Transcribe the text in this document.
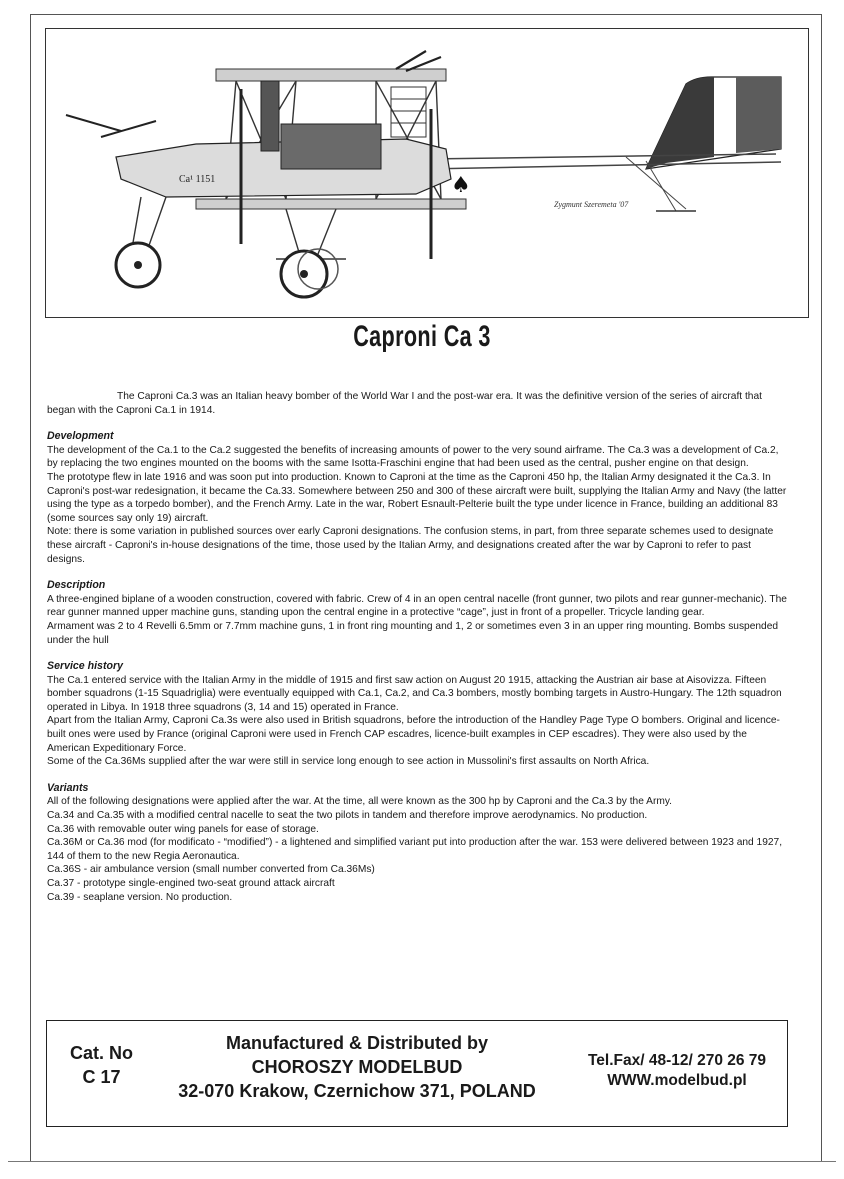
♠
Ca¹ 1151
Zygmunt Szeremeta '07
Caproni Ca 3

The Caproni Ca.3 was an Italian heavy bomber of the World War I and the post-war era. It was the definitive version of the series of aircraft that began with the Caproni Ca.1 in 1914.

Development

The development of the Ca.1 to the Ca.2 suggested the benefits of increasing amounts of power to the very sound airframe. The Ca.3 was a development of Ca.2, by replacing the two engines mounted on the booms with the same Isotta-Fraschini engine that had been used as the central, pusher engine on that design.

The prototype flew in late 1916 and was soon put into production. Known to Caproni at the time as the Caproni 450 hp, the Italian Army designated it the Ca.3. In Caproni's post-war redesignation, it became the Ca.33. Somewhere between 250 and 300 of these aircraft were built, supplying the Italian Army and Navy (the latter using the type as a torpedo bomber), and the French Army. Late in the war, Robert Esnault-Pelterie built the type under licence in France, building an additional 83 (some sources say only 19) aircraft.

Note: there is some variation in published sources over early Caproni designations. The confusion stems, in part, from three separate schemes used to designate these aircraft - Caproni's in-house designations of the time, those used by the Italian Army, and designations created after the war by Caproni to refer to past designs.

Description

A three-engined biplane of a wooden construction, covered with fabric. Crew of 4 in an open central nacelle (front gunner, two pilots and rear gunner-mechanic). The rear gunner manned upper machine guns, standing upon the central engine in a protective “cage”, just in front of a propeller. Tricycle landing gear.

Armament was 2 to 4 Revelli 6.5mm or 7.7mm machine guns, 1 in front ring mounting and 1, 2 or sometimes even 3 in an upper ring mounting. Bombs suspended under the hull

Service history

The Ca.1 entered service with the Italian Army in the middle of 1915 and first saw action on August 20 1915, attacking the Austrian air base at Aisovizza. Fifteen bomber squadrons (1-15 Squadriglia) were eventually equipped with Ca.1, Ca.2, and Ca.3 bombers, mostly bombing targets in Austro-Hungary. The 12th squadron operated in Libya. In 1918 three squadrons (3, 14 and 15) operated in France.

Apart from the Italian Army, Caproni Ca.3s were also used in British squadrons, before the introduction of the Handley Page Type O bombers. Original and licence-built ones were used by France (original Caproni were used in French CAP escadres, licence-built examples in CEP escadres). They were also used by the American Expeditionary Force.

Some of the Ca.36Ms supplied after the war were still in service long enough to see action in Mussolini's first assaults on North Africa.

Variants

All of the following designations were applied after the war. At the time, all were known as the 300 hp by Caproni and the Ca.3 by the Army.

Ca.34 and Ca.35 with a modified central nacelle to seat the two pilots in tandem and therefore improve aerodynamics. No production.

Ca.36 with removable outer wing panels for ease of storage.

Ca.36M or Ca.36 mod (for modificato - “modified”) - a lightened and simplified variant put into production after the war. 153 were delivered between 1923 and 1927, 144 of them to the new Regia Aeronautica.

Ca.36S - air ambulance version (small number converted from Ca.36Ms)

Ca.37 - prototype single-engined two-seat ground attack aircraft

Ca.39 - seaplane version. No production.

Cat. No
C 17
Manufactured & Distributed by
CHOROSZY MODELBUD
32-070 Krakow, Czernichow 371, POLAND
Tel.Fax/ 48-12/ 270 26 79
WWW.modelbud.pl
